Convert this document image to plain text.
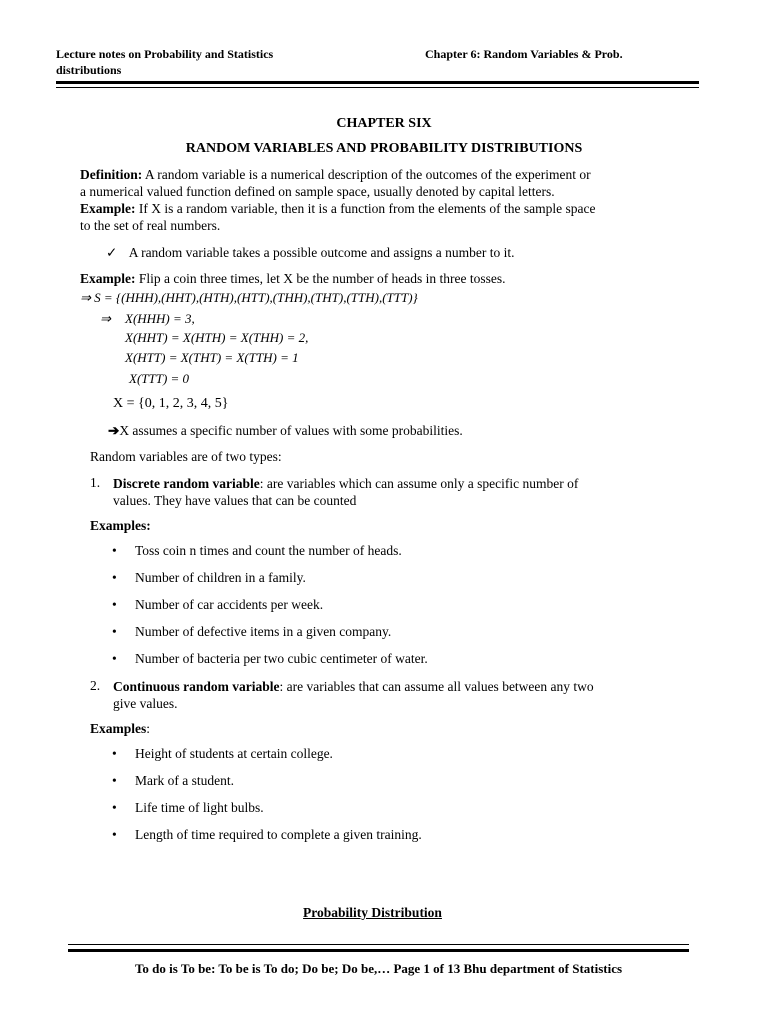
Lecture notes on Probability and Statistics
distributions
Chapter 6: Random Variables & Prob.
CHAPTER SIX
RANDOM VARIABLES AND PROBABILITY DISTRIBUTIONS
Definition: A random variable is a numerical description of the outcomes of the experiment or
a numerical valued function defined on sample space, usually denoted by capital letters.
Example: If X is a random variable, then it is a function from the elements of the sample space
to the set of real numbers.
✓ A random variable takes a possible outcome and assigns a number to it.
Example: Flip a coin three times, let X be the number of heads in three tosses.
⇒ S = {(HHH),(HHT),(HTH),(HTT),(THH),(THT),(TTH),(TTT)}
⇒ X(HHH) = 3,
X(HHT) = X(HTH) = X(THH) = 2,
X(HTT) = X(THT) = X(TTH) = 1
X(TTT) = 0
X = {0, 1, 2, 3, 4, 5}
➔X assumes a specific number of values with some probabilities.
Random variables are of two types:
1. Discrete random variable: are variables which can assume only a specific number of
values. They have values that can be counted
Examples:
• Toss coin n times and count the number of heads.
• Number of children in a family.
• Number of car accidents per week.
• Number of defective items in a given company.
• Number of bacteria per two cubic centimeter of water.
2. Continuous random variable: are variables that can assume all values between any two
give values.
Examples:
• Height of students at certain college.
• Mark of a student.
• Life time of light bulbs.
• Length of time required to complete a given training.
Probability Distribution
To do is To be: To be is To do; Do be; Do be,… Page 1 of 13 Bhu department of Statistics
